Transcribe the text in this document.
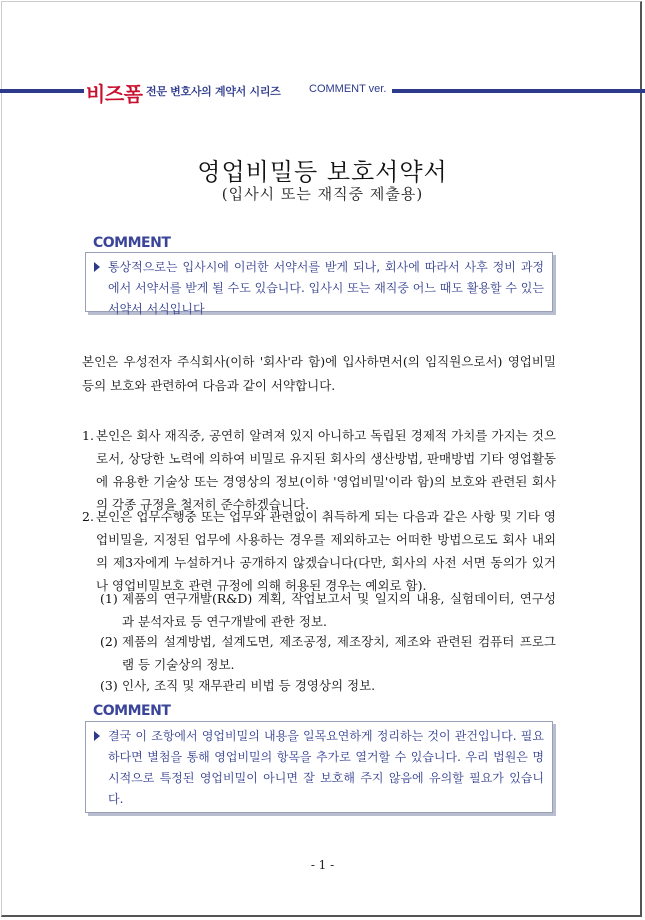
비즈폼 전문 변호사의 계약서 시리즈	COMMENT ver.
영업비밀등 보호서약서
(입사시 또는 재직중 제출용)
COMMENT
통상적으로는 입사시에 이러한 서약서를 받게 되나, 회사에 따라서 사후 정비 과정에서 서약서를 받게 될 수도 있습니다. 입사시 또는 재직중 어느 때도 활용할 수 있는 서약서 서식입니다
본인은 우성전자 주식회사(이하 '회사'라 함)에 입사하면서(의 임직원으로서) 영업비밀등의 보호와 관련하여 다음과 같이 서약합니다.
1. 본인은 회사 재직중, 공연히 알려져 있지 아니하고 독립된 경제적 가치를 가지는 것으로서, 상당한 노력에 의하여 비밀로 유지된 회사의 생산방법, 판매방법 기타 영업활동에 유용한 기술상 또는 경영상의 정보(이하 '영업비밀'이라 함)의 보호와 관련된 회사의 각종 규정을 철저히 준수하겠습니다.
2. 본인은 업무수행중 또는 업무와 관련없이 취득하게 되는 다음과 같은 사항 및 기타 영업비밀을, 지정된 업무에 사용하는 경우를 제외하고는 어떠한 방법으로도 회사 내외의 제3자에게 누설하거나 공개하지 않겠습니다(다만, 회사의 사전 서면 동의가 있거나 영업비밀보호 관련 규정에 의해 허용된 경우는 예외로 함).
(1) 제품의 연구개발(R&D) 계획, 작업보고서 및 일지의 내용, 실험데이터, 연구성과 분석자료 등 연구개발에 관한 정보.
(2) 제품의 설계방법, 설계도면, 제조공정, 제조장치, 제조와 관련된 컴퓨터 프로그램 등 기술상의 정보.
(3) 인사, 조직 및 재무관리 비법 등 경영상의 정보.
COMMENT
결국 이 조항에서 영업비밀의 내용을 일목요연하게 정리하는 것이 관건입니다. 필요하다면 별첨을 통해 영업비밀의 항목을 추가로 열거할 수 있습니다. 우리 법원은 명시적으로 특정된 영업비밀이 아니면 잘 보호해 주지 않음에 유의할 필요가 있습니다.
- 1 -
